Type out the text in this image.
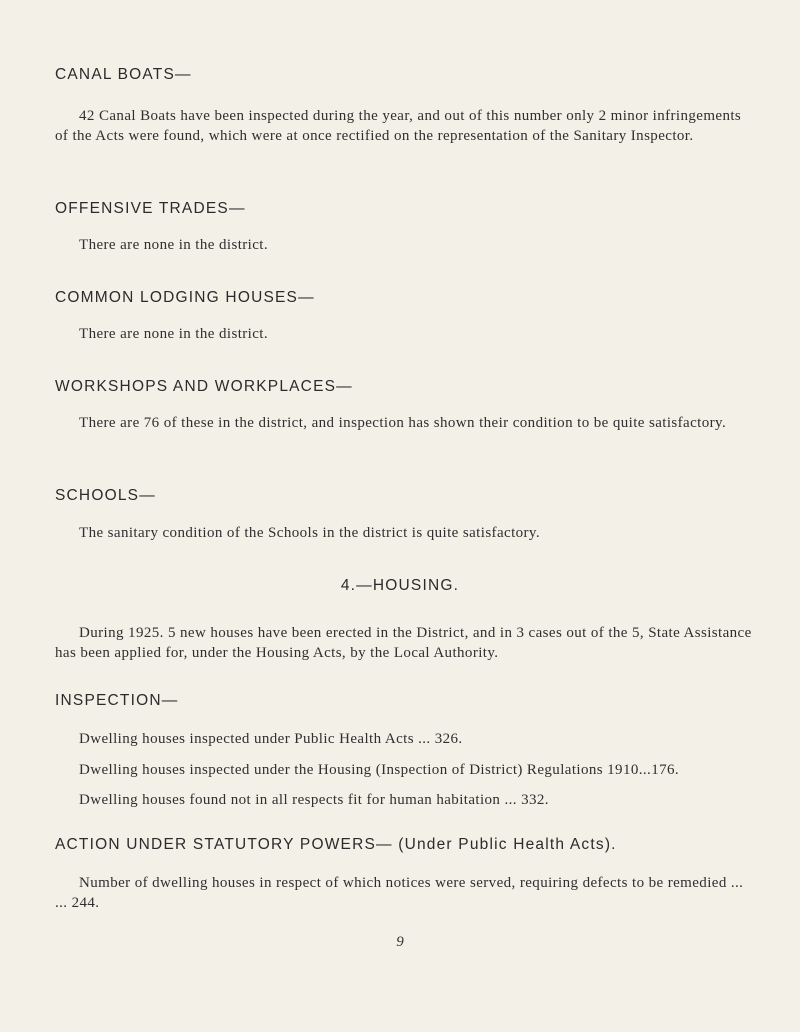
CANAL BOATS—

42 Canal Boats have been inspected during the year, and out of this number only 2 minor infringements of the Acts were found, which were at once rectified on the representation of the Sanitary Inspector.

OFFENSIVE TRADES—

There are none in the district.

COMMON LODGING HOUSES—

There are none in the district.

WORKSHOPS AND WORKPLACES—

There are 76 of these in the district, and inspection has shown their condition to be quite satisfactory.

SCHOOLS—

The sanitary condition of the Schools in the district is quite satisfactory.

4.—HOUSING.

During 1925. 5 new houses have been erected in the District, and in 3 cases out of the 5, State Assistance has been applied for, under the Housing Acts, by the Local Authority.

INSPECTION—

Dwelling houses inspected under Public Health Acts ... 326.

Dwelling houses inspected under the Housing (Inspection of District) Regulations 1910...176.

Dwelling houses found not in all respects fit for human habitation ... 332.

ACTION UNDER STATUTORY POWERS— (Under Public Health Acts).

Number of dwelling houses in respect of which notices were served, requiring defects to be remedied ... ... 244.

9
